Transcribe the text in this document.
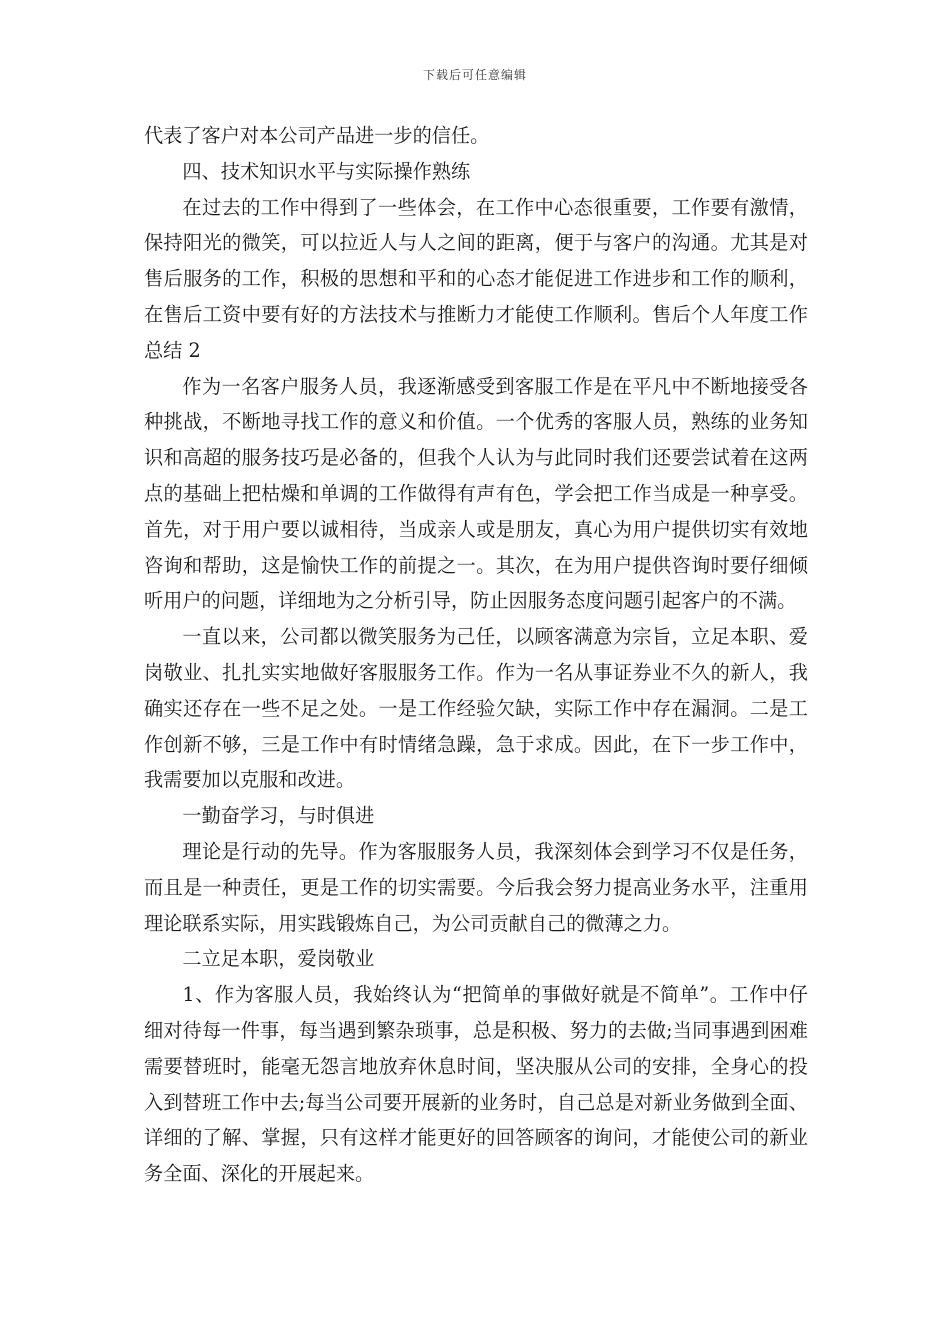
下载后可任意编辑

代表了客户对本公司产品进一步的信任。

四、技术知识水平与实际操作熟练

在过去的工作中得到了一些体会，在工作中心态很重要，工作要有激情，保持阳光的微笑，可以拉近人与人之间的距离，便于与客户的沟通。尤其是对售后服务的工作，积极的思想和平和的心态才能促进工作进步和工作的顺利，在售后工资中要有好的方法技术与推断力才能使工作顺利。售后个人年度工作总结 2

作为一名客户服务人员，我逐渐感受到客服工作是在平凡中不断地接受各种挑战，不断地寻找工作的意义和价值。一个优秀的客服人员，熟练的业务知识和高超的服务技巧是必备的，但我个人认为与此同时我们还要尝试着在这两点的基础上把枯燥和单调的工作做得有声有色，学会把工作当成是一种享受。首先，对于用户要以诚相待，当成亲人或是朋友，真心为用户提供切实有效地咨询和帮助，这是愉快工作的前提之一。其次，在为用户提供咨询时要仔细倾听用户的问题，详细地为之分析引导，防止因服务态度问题引起客户的不满。

一直以来，公司都以微笑服务为己任，以顾客满意为宗旨，立足本职、爱岗敬业、扎扎实实地做好客服服务工作。作为一名从事证券业不久的新人，我确实还存在一些不足之处。一是工作经验欠缺，实际工作中存在漏洞。二是工作创新不够，三是工作中有时情绪急躁，急于求成。因此，在下一步工作中，我需要加以克服和改进。

一勤奋学习，与时俱进

理论是行动的先导。作为客服服务人员，我深刻体会到学习不仅是任务，而且是一种责任，更是工作的切实需要。今后我会努力提高业务水平，注重用理论联系实际，用实践锻炼自己，为公司贡献自己的微薄之力。

二立足本职，爱岗敬业

1、作为客服人员，我始终认为“把简单的事做好就是不简单”。工作中仔细对待每一件事，每当遇到繁杂琐事，总是积极、努力的去做;当同事遇到困难需要替班时，能毫无怨言地放弃休息时间，坚决服从公司的安排，全身心的投入到替班工作中去;每当公司要开展新的业务时，自己总是对新业务做到全面、详细的了解、掌握，只有这样才能更好的回答顾客的询问，才能使公司的新业务全面、深化的开展起来。
